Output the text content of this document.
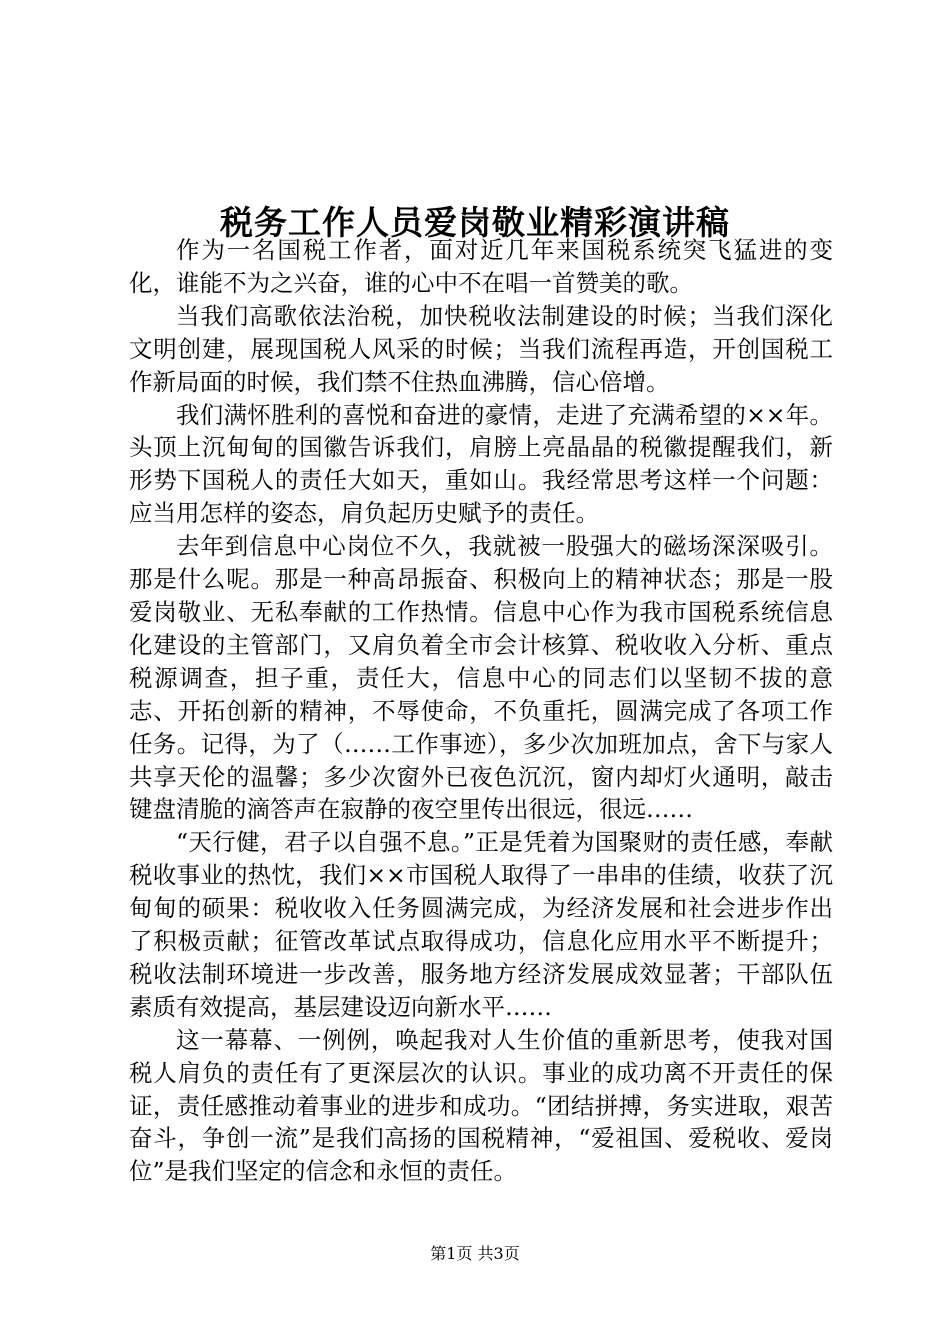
税务工作人员爱岗敬业精彩演讲稿

作为一名国税工作者，面对近几年来国税系统突飞猛进的变化，谁能不为之兴奋，谁的心中不在唱一首赞美的歌。

当我们高歌依法治税，加快税收法制建设的时候；当我们深化文明创建，展现国税人风采的时候；当我们流程再造，开创国税工作新局面的时候，我们禁不住热血沸腾，信心倍增。

我们满怀胜利的喜悦和奋进的豪情，走进了充满希望的××年。头顶上沉甸甸的国徽告诉我们，肩膀上亮晶晶的税徽提醒我们，新形势下国税人的责任大如天，重如山。我经常思考这样一个问题：应当用怎样的姿态，肩负起历史赋予的责任。

去年到信息中心岗位不久，我就被一股强大的磁场深深吸引。那是什么呢。那是一种高昂振奋、积极向上的精神状态；那是一股爱岗敬业、无私奉献的工作热情。信息中心作为我市国税系统信息化建设的主管部门，又肩负着全市会计核算、税收收入分析、重点税源调查，担子重，责任大，信息中心的同志们以坚韧不拔的意志、开拓创新的精神，不辱使命，不负重托，圆满完成了各项工作任务。记得，为了（……工作事迹），多少次加班加点，舍下与家人共享天伦的温馨；多少次窗外已夜色沉沉，窗内却灯火通明，敲击键盘清脆的滴答声在寂静的夜空里传出很远，很远……

“天行健，君子以自强不息。”正是凭着为国聚财的责任感，奉献税收事业的热忱，我们××市国税人取得了一串串的佳绩，收获了沉甸甸的硕果：税收收入任务圆满完成，为经济发展和社会进步作出了积极贡献；征管改革试点取得成功，信息化应用水平不断提升；税收法制环境进一步改善，服务地方经济发展成效显著；干部队伍素质有效提高，基层建设迈向新水平……

这一幕幕、一例例，唤起我对人生价值的重新思考，使我对国税人肩负的责任有了更深层次的认识。事业的成功离不开责任的保证，责任感推动着事业的进步和成功。“团结拼搏，务实进取，艰苦奋斗，争创一流”是我们高扬的国税精神，“爱祖国、爱税收、爱岗位”是我们坚定的信念和永恒的责任。

第1页 共3页
